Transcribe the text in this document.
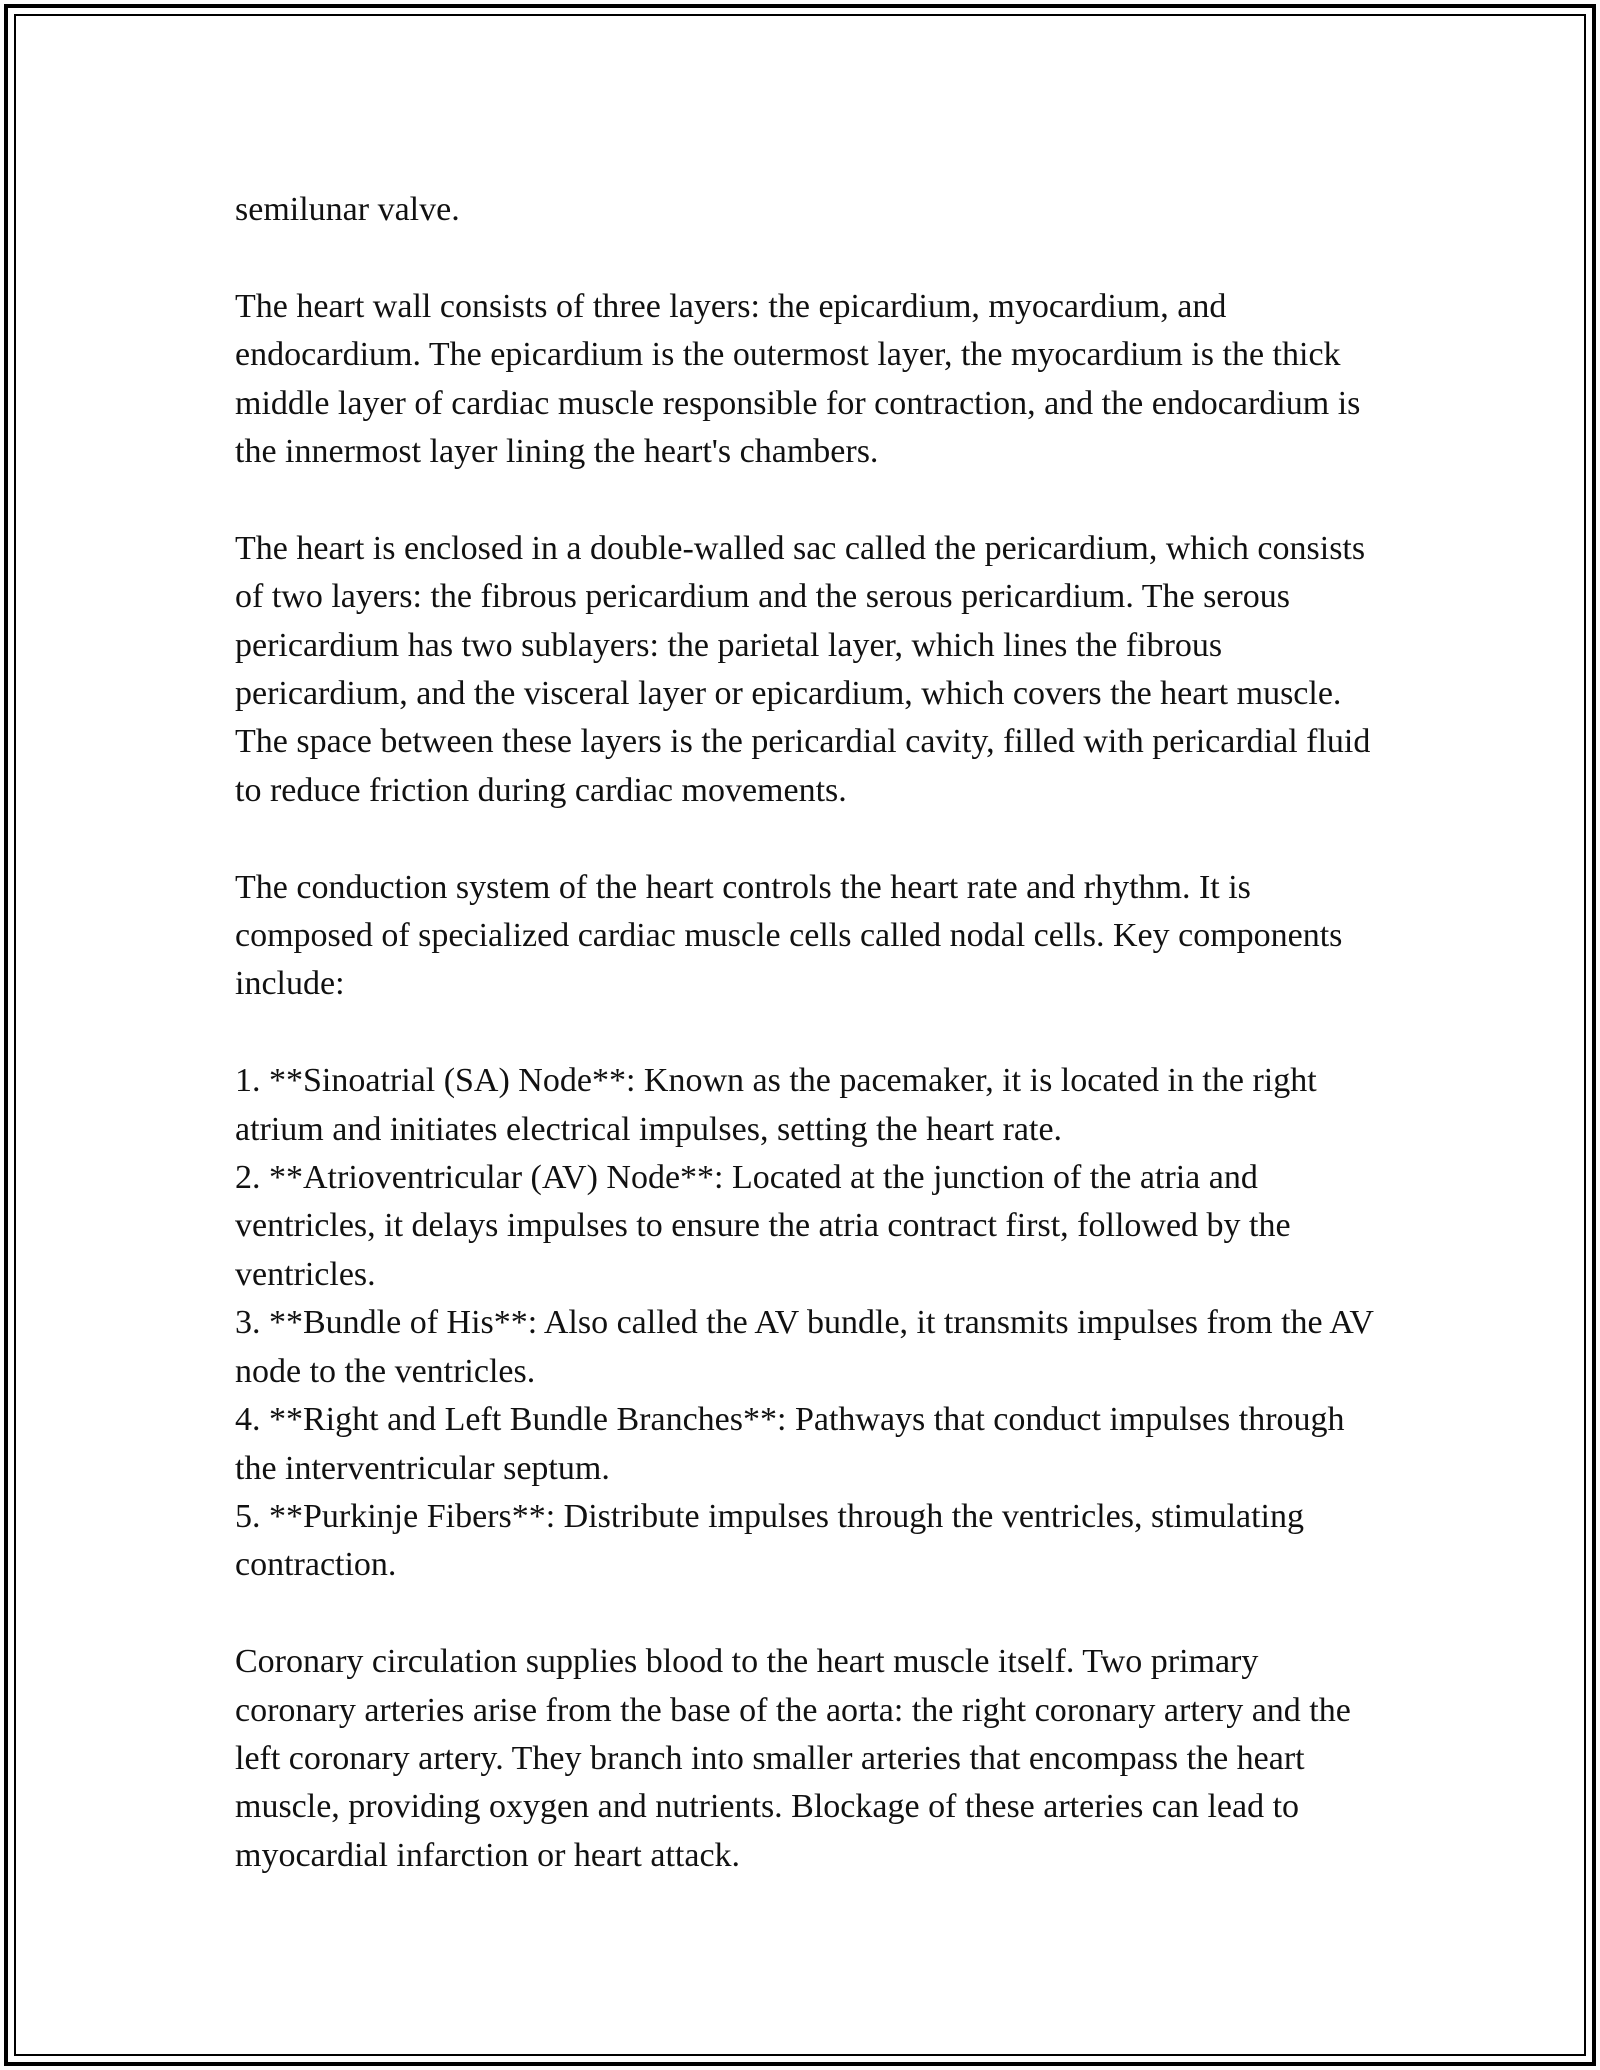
semilunar valve.

The heart wall consists of three layers: the epicardium, myocardium, and endocardium. The epicardium is the outermost layer, the myocardium is the thick middle layer of cardiac muscle responsible for contraction, and the endocardium is the innermost layer lining the heart's chambers.

The heart is enclosed in a double-walled sac called the pericardium, which consists of two layers: the fibrous pericardium and the serous pericardium. The serous pericardium has two sublayers: the parietal layer, which lines the fibrous pericardium, and the visceral layer or epicardium, which covers the heart muscle. The space between these layers is the pericardial cavity, filled with pericardial fluid to reduce friction during cardiac movements.

The conduction system of the heart controls the heart rate and rhythm. It is composed of specialized cardiac muscle cells called nodal cells. Key components include:

1. **Sinoatrial (SA) Node**: Known as the pacemaker, it is located in the right atrium and initiates electrical impulses, setting the heart rate.
2. **Atrioventricular (AV) Node**: Located at the junction of the atria and ventricles, it delays impulses to ensure the atria contract first, followed by the ventricles.
3. **Bundle of His**: Also called the AV bundle, it transmits impulses from the AV node to the ventricles.
4. **Right and Left Bundle Branches**: Pathways that conduct impulses through the interventricular septum.
5. **Purkinje Fibers**: Distribute impulses through the ventricles, stimulating contraction.

Coronary circulation supplies blood to the heart muscle itself. Two primary coronary arteries arise from the base of the aorta: the right coronary artery and the left coronary artery. They branch into smaller arteries that encompass the heart muscle, providing oxygen and nutrients. Blockage of these arteries can lead to myocardial infarction or heart attack.
